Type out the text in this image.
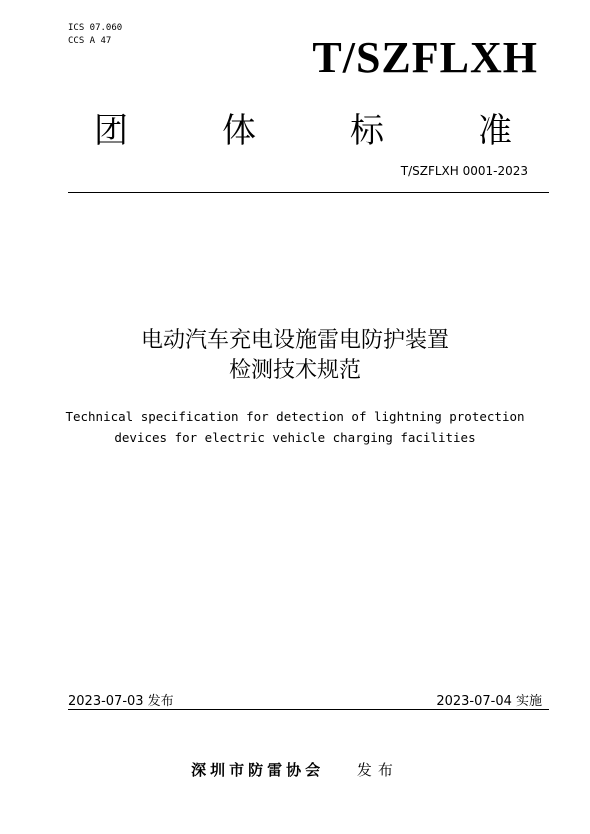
ICS 07.060
CCS A 47	T/SZFLXH
团	体	标	准
T/SZFLXH 0001-2023
电动汽车充电设施雷电防护装置
检测技术规范
Technical specification for detection of lightning protection
devices for electric vehicle charging facilities
2023-07-03 发布	2023-07-04 实施
深圳市防雷协会 发布
